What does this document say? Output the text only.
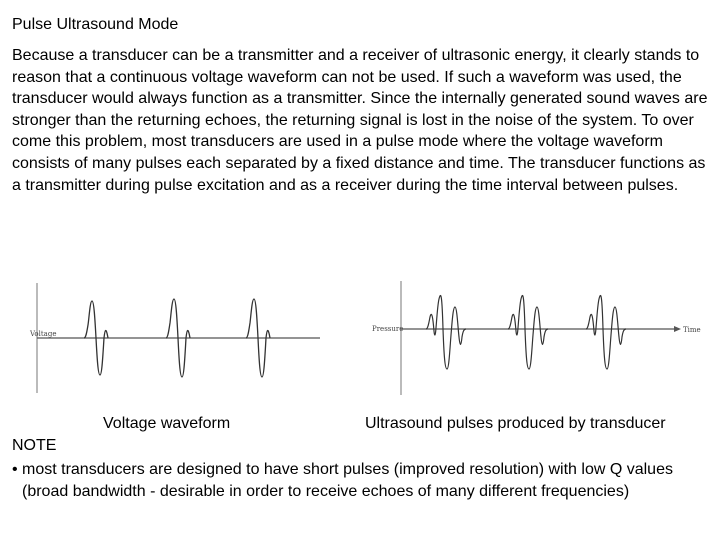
Pulse Ultrasound Mode

Because a transducer can be a transmitter and a receiver of ultrasonic energy, it clearly stands to reason that a continuous voltage waveform can not be used. If such a waveform was used, the transducer would always function as a transmitter. Since the internally generated sound waves are stronger than the returning echoes, the returning signal is lost in the noise of the system. To over come this problem, most transducers are used in a pulse mode where the voltage waveform consists of many pulses each separated by a fixed distance and time. The transducer functions as a transmitter during pulse excitation and as a receiver during the time interval between pulses.

Voltage
Pressure	Time
Voltage waveform	Ultrasound pulses produced by transducer
NOTE
• most transducers are designed to have short pulses (improved resolution) with low Q values (broad bandwidth - desirable in order to receive echoes of many different frequencies)
